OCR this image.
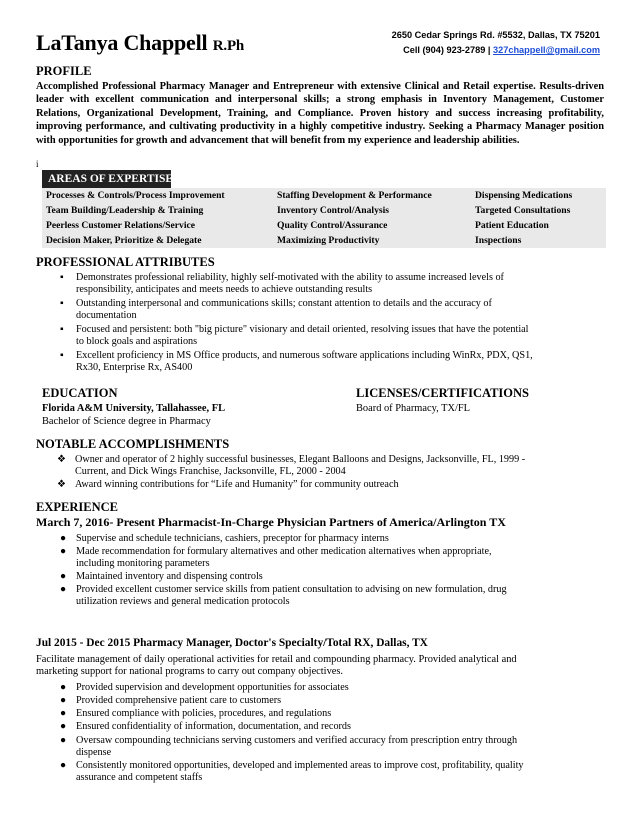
LaTanya Chappell R.Ph
2650 Cedar Springs Rd. #5532, Dallas, TX 75201
Cell (904) 923-2789 | 327chappell@gmail.com
PROFILE
Accomplished Professional Pharmacy Manager and Entrepreneur with extensive Clinical and Retail expertise. Results-driven leader with excellent communication and interpersonal skills; a strong emphasis in Inventory Management, Customer Relations, Organizational Development, Training, and Compliance. Proven history and success increasing profitability, improving performance, and cultivating productivity in a highly competitive industry. Seeking a Pharmacy Manager position with opportunities for growth and advancement that will benefit from my experience and leadership abilities.
i
AREAS OF EXPERTISE
Processes & Controls/Process Improvement	Staffing Development & Performance	Dispensing Medications
Team Building/Leadership & Training	Inventory Control/Analysis	Targeted Consultations
Peerless Customer Relations/Service	Quality Control/Assurance	Patient Education
Decision Maker, Prioritize & Delegate	Maximizing Productivity	Inspections
PROFESSIONAL ATTRIBUTES
▪ Demonstrates professional reliability, highly self-motivated with the ability to assume increased levels of
responsibility, anticipates and meets needs to achieve outstanding results
▪ Outstanding interpersonal and communications skills; constant attention to details and the accuracy of
documentation
▪ Focused and persistent: both "big picture" visionary and detail oriented, resolving issues that have the potential
to block goals and aspirations
▪ Excellent proficiency in MS Office products, and numerous software applications including WinRx, PDX, QS1,
Rx30, Enterprise Rx, AS400
EDUCATION
Florida A&M University, Tallahassee, FL
Bachelor of Science degree in Pharmacy
LICENSES/CERTIFICATIONS
Board of Pharmacy, TX/FL
NOTABLE ACCOMPLISHMENTS
❖ Owner and operator of 2 highly successful businesses, Elegant Balloons and Designs, Jacksonville, FL, 1999 -
Current, and Dick Wings Franchise, Jacksonville, FL, 2000 - 2004
❖ Award winning contributions for “Life and Humanity” for community outreach
EXPERIENCE
March 7, 2016- Present Pharmacist-In-Charge Physician Partners of America/Arlington TX
● Supervise and schedule technicians, cashiers, preceptor for pharmacy interns
● Made recommendation for formulary alternatives and other medication alternatives when appropriate,
including monitoring parameters
● Maintained inventory and dispensing controls
● Provided excellent customer service skills from patient consultation to advising on new formulation, drug
utilization reviews and general medication protocols
Jul 2015 - Dec 2015 Pharmacy Manager, Doctor's Specialty/Total RX, Dallas, TX
Facilitate management of daily operational activities for retail and compounding pharmacy. Provided analytical and
marketing support for national programs to carry out company objectives.
● Provided supervision and development opportunities for associates
● Provided comprehensive patient care to customers
● Ensured compliance with policies, procedures, and regulations
● Ensured confidentiality of information, documentation, and records
● Oversaw compounding technicians serving customers and verified accuracy from prescription entry through
dispense
● Consistently monitored opportunities, developed and implemented areas to improve cost, profitability, quality
assurance and competent staffs
